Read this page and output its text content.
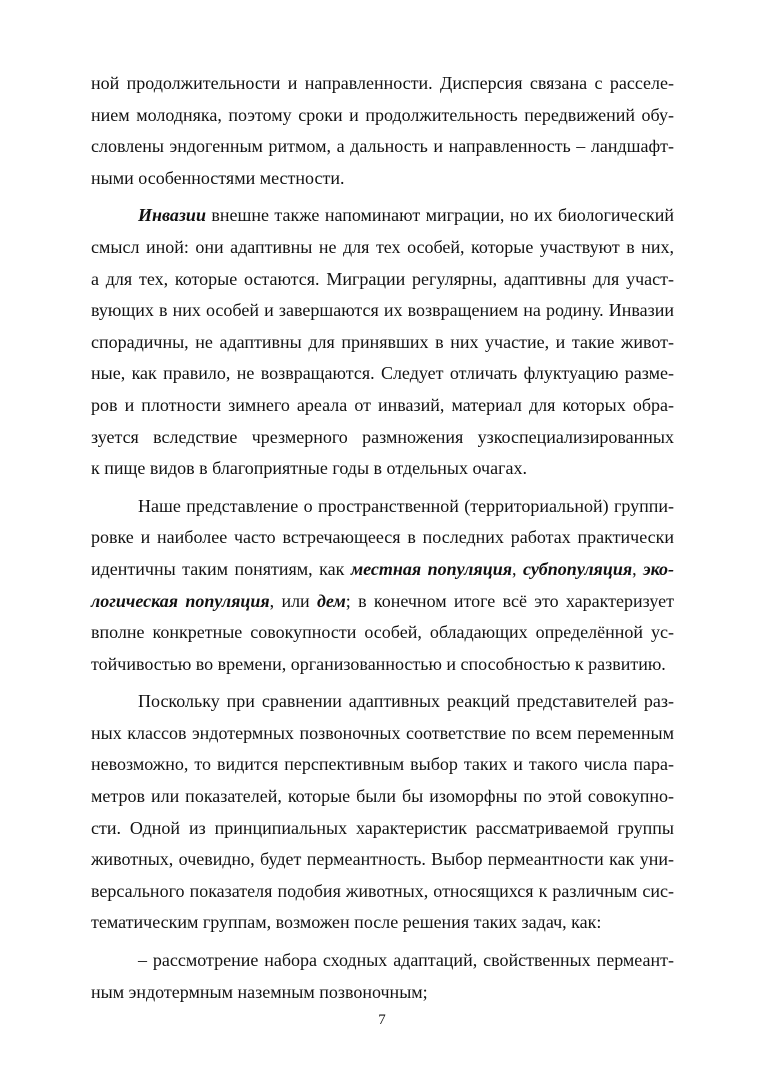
ной продолжительности и направленности. Дисперсия связана с расселе-
нием молодняка, поэтому сроки и продолжительность передвижений обу-
словлены эндогенным ритмом, а дальность и направленность – ландшафт-
ными особенностями местности.
Инвазии внешне также напоминают миграции, но их биологический
смысл иной: они адаптивны не для тех особей, которые участвуют в них,
а для тех, которые остаются. Миграции регулярны, адаптивны для участ-
вующих в них особей и завершаются их возвращением на родину. Инвазии
спорадичны, не адаптивны для принявших в них участие, и такие живот-
ные, как правило, не возвращаются. Следует отличать флуктуацию разме-
ров и плотности зимнего ареала от инвазий, материал для которых обра-
зуется вследствие чрезмерного размножения узкоспециализированных
к пище видов в благоприятные годы в отдельных очагах.
Наше представление о пространственной (территориальной) группи-
ровке и наиболее часто встречающееся в последних работах практически
идентичны таким понятиям, как местная популяция, субпопуляция, эко-
логическая популяция, или дем; в конечном итоге всё это характеризует
вполне конкретные совокупности особей, обладающих определённой ус-
тойчивостью во времени, организованностью и способностью к развитию.
Поскольку при сравнении адаптивных реакций представителей раз-
ных классов эндотермных позвоночных соответствие по всем переменным
невозможно, то видится перспективным выбор таких и такого числа пара-
метров или показателей, которые были бы изоморфны по этой совокупно-
сти. Одной из принципиальных характеристик рассматриваемой группы
животных, очевидно, будет пермеантность. Выбор пермеантности как уни-
версального показателя подобия животных, относящихся к различным сис-
тематическим группам, возможен после решения таких задач, как:
– рассмотрение набора сходных адаптаций, свойственных пермеант-
ным эндотермным наземным позвоночным;
7
